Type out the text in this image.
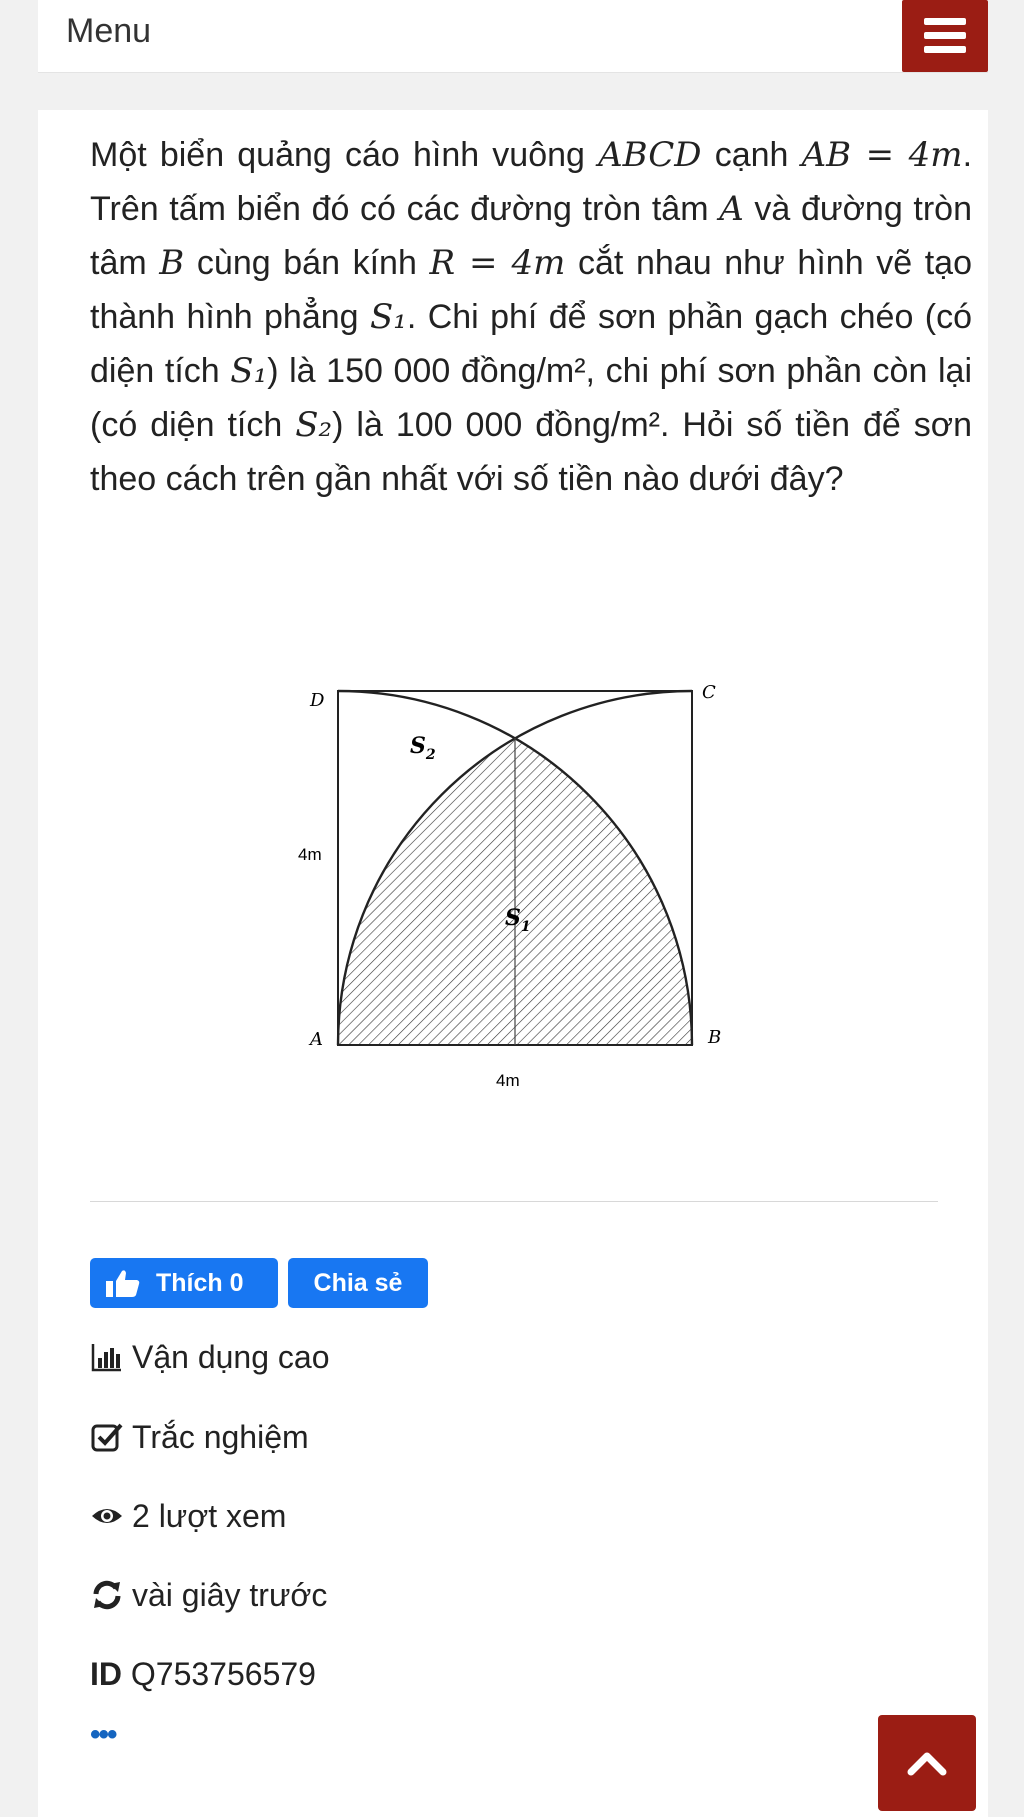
Menu
Một biển quảng cáo hình vuông ABCD cạnh AB = 4m. Trên tấm biển đó có các đường tròn tâm A và đường tròn tâm B cùng bán kính R = 4m cắt nhau như hình vẽ tạo thành hình phẳng S₁. Chi phí để sơn phần gạch chéo (có diện tích S₁) là 150 000 đồng/m², chi phí sơn phần còn lại (có diện tích S₂) là 100 000 đồng/m². Hỏi số tiền để sơn theo cách trên gần nhất với số tiền nào dưới đây?
D	C
A	B
4m
4m
$S_2$
$S_1$
Thích 0	Chia sẻ
Vận dụng cao
Trắc nghiệm
2 lượt xem
vài giây trước
ID Q753756579
•••
